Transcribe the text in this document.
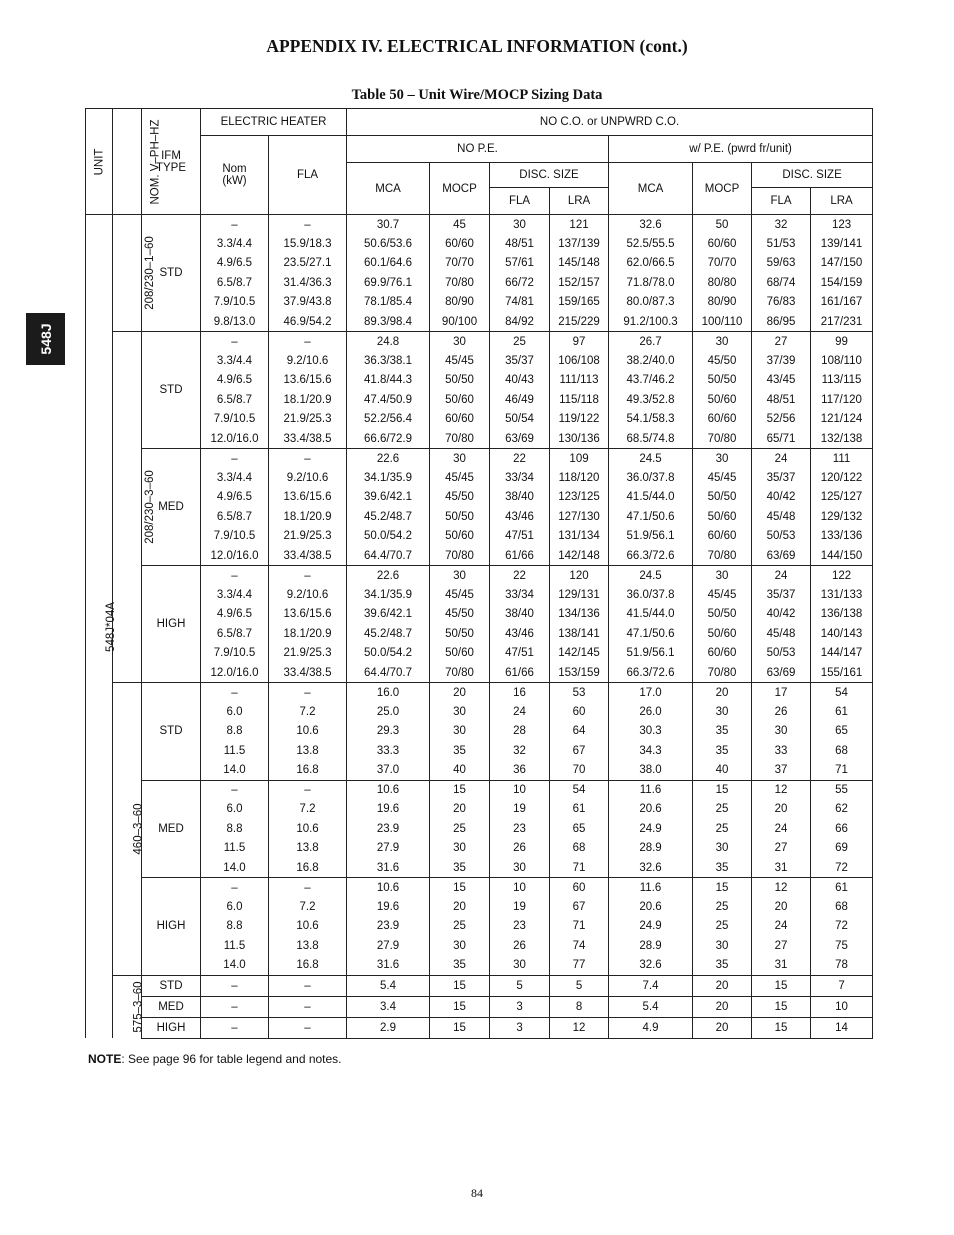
APPENDIX IV. ELECTRICAL INFORMATION (cont.)
Table 50 – Unit Wire/MOCP Sizing Data
548J
UNIT	NOM. V–PH–HZ	IFM TYPE	ELECTRIC HEATER		NO C.O. or UNPWRD C.O.							

			Nom (kW)	FLA	NO P.E.				w/ P.E. (pwrd fr/unit)			
					MCA	MOCP	DISC. SIZE		MCA	MOCP	DISC. SIZE	
							FLA	LRA			FLA	LRA
548J*04A	208/230–1–60	STD	–	–	30.7	45	30	121	32.6	50	32	123
			3.3/4.4	15.9/18.3	50.6/53.6	60/60	48/51	137/139	52.5/55.5	60/60	51/53	139/141
			4.9/6.5	23.5/27.1	60.1/64.6	70/70	57/61	145/148	62.0/66.5	70/70	59/63	147/150
			6.5/8.7	31.4/36.3	69.9/76.1	70/80	66/72	152/157	71.8/78.0	80/80	68/74	154/159
			7.9/10.5	37.9/43.8	78.1/85.4	80/90	74/81	159/165	80.0/87.3	80/90	76/83	161/167
			9.8/13.0	46.9/54.2	89.3/98.4	90/100	84/92	215/229	91.2/100.3	100/110	86/95	217/231
	208/230–3–60	STD	–	–	24.8	30	25	97	26.7	30	27	99
			3.3/4.4	9.2/10.6	36.3/38.1	45/45	35/37	106/108	38.2/40.0	45/50	37/39	108/110
			4.9/6.5	13.6/15.6	41.8/44.3	50/50	40/43	111/113	43.7/46.2	50/50	43/45	113/115
			6.5/8.7	18.1/20.9	47.4/50.9	50/60	46/49	115/118	49.3/52.8	50/60	48/51	117/120
			7.9/10.5	21.9/25.3	52.2/56.4	60/60	50/54	119/122	54.1/58.3	60/60	52/56	121/124
			12.0/16.0	33.4/38.5	66.6/72.9	70/80	63/69	130/136	68.5/74.8	70/80	65/71	132/138
		MED	–	–	22.6	30	22	109	24.5	30	24	111
			3.3/4.4	9.2/10.6	34.1/35.9	45/45	33/34	118/120	36.0/37.8	45/45	35/37	120/122
			4.9/6.5	13.6/15.6	39.6/42.1	45/50	38/40	123/125	41.5/44.0	50/50	40/42	125/127
			6.5/8.7	18.1/20.9	45.2/48.7	50/50	43/46	127/130	47.1/50.6	50/60	45/48	129/132
			7.9/10.5	21.9/25.3	50.0/54.2	50/60	47/51	131/134	51.9/56.1	60/60	50/53	133/136
			12.0/16.0	33.4/38.5	64.4/70.7	70/80	61/66	142/148	66.3/72.6	70/80	63/69	144/150
		HIGH	–	–	22.6	30	22	120	24.5	30	24	122
			3.3/4.4	9.2/10.6	34.1/35.9	45/45	33/34	129/131	36.0/37.8	45/45	35/37	131/133
			4.9/6.5	13.6/15.6	39.6/42.1	45/50	38/40	134/136	41.5/44.0	50/50	40/42	136/138
			6.5/8.7	18.1/20.9	45.2/48.7	50/50	43/46	138/141	47.1/50.6	50/60	45/48	140/143
			7.9/10.5	21.9/25.3	50.0/54.2	50/60	47/51	142/145	51.9/56.1	60/60	50/53	144/147
			12.0/16.0	33.4/38.5	64.4/70.7	70/80	61/66	153/159	66.3/72.6	70/80	63/69	155/161
	460–3–60	STD	–	–	16.0	20	16	53	17.0	20	17	54
			6.0	7.2	25.0	30	24	60	26.0	30	26	61
			8.8	10.6	29.3	30	28	64	30.3	35	30	65
			11.5	13.8	33.3	35	32	67	34.3	35	33	68
			14.0	16.8	37.0	40	36	70	38.0	40	37	71
		MED	–	–	10.6	15	10	54	11.6	15	12	55
			6.0	7.2	19.6	20	19	61	20.6	25	20	62
			8.8	10.6	23.9	25	23	65	24.9	25	24	66
			11.5	13.8	27.9	30	26	68	28.9	30	27	69
			14.0	16.8	31.6	35	30	71	32.6	35	31	72
		HIGH	–	–	10.6	15	10	60	11.6	15	12	61
			6.0	7.2	19.6	20	19	67	20.6	25	20	68
			8.8	10.6	23.9	25	23	71	24.9	25	24	72
			11.5	13.8	27.9	30	26	74	28.9	30	27	75
			14.0	16.8	31.6	35	30	77	32.6	35	31	78
	575–3–60	STD	–	–	5.4	15	5	5	7.4	20	15	7
		MED	–	–	3.4	15	3	8	5.4	20	15	10
		HIGH	–	–	2.9	15	3	12	4.9	20	15	14
NOTE: See page 96 for table legend and notes.
84
